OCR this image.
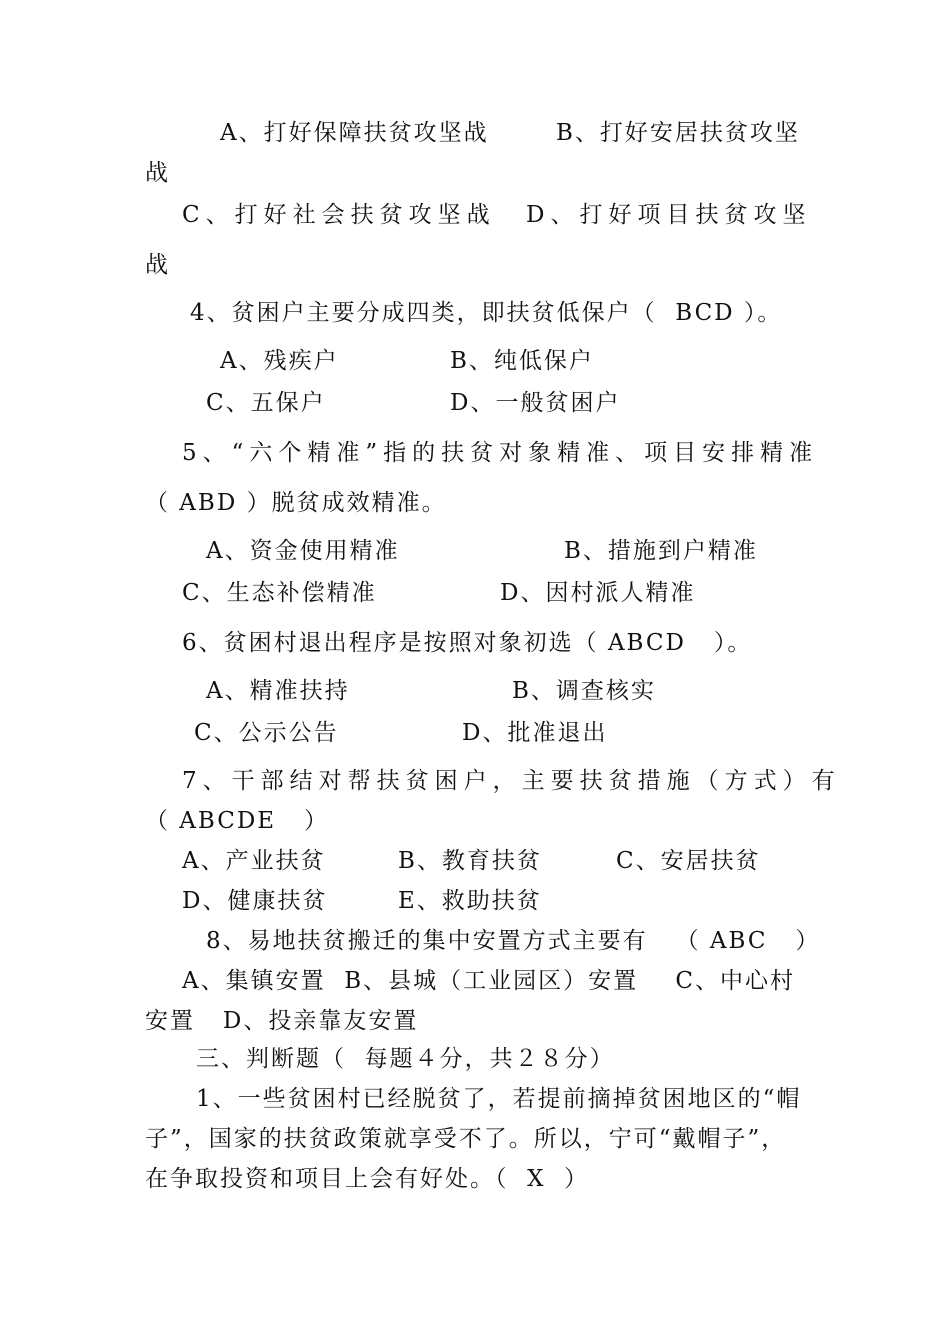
A、打好保障扶贫攻坚战	B、打好安居扶贫攻坚
战
C、打好社会扶贫攻坚战 D、打好项目扶贫攻坚
战
4、贫困户主要分成四类，即扶贫低保户（  BCD ）。
A、残疾户	B、纯低保户
C、五保户	D、一般贫困户
5、“六个精准”指的扶贫对象精准、项目安排精准
（ ABD ）脱贫成效精准。
A、资金使用精准	B、措施到户精准
C、生态补偿精准	D、因村派人精准
6、贫困村退出程序是按照对象初选（ ABCD   ）。
A、精准扶持	B、调查核实
C、公示公告	D、批准退出
7、干部结对帮扶贫困户，主要扶贫措施（方式）有
（ ABCDE   ）
A、产业扶贫	B、教育扶贫	C、安居扶贫
D、健康扶贫	E、救助扶贫
8、易地扶贫搬迁的集中安置方式主要有   （ ABC   ）
A、集镇安置  B、县城（工业园区）安置    C、中心村
安置   D、投亲靠友安置
三、判断题（  每题４分，共２８分）
1、一些贫困村已经脱贫了，若提前摘掉贫困地区的“帽
子”，国家的扶贫政策就享受不了。所以，宁可“戴帽子”，
在争取投资和项目上会有好处。（  X  ）
